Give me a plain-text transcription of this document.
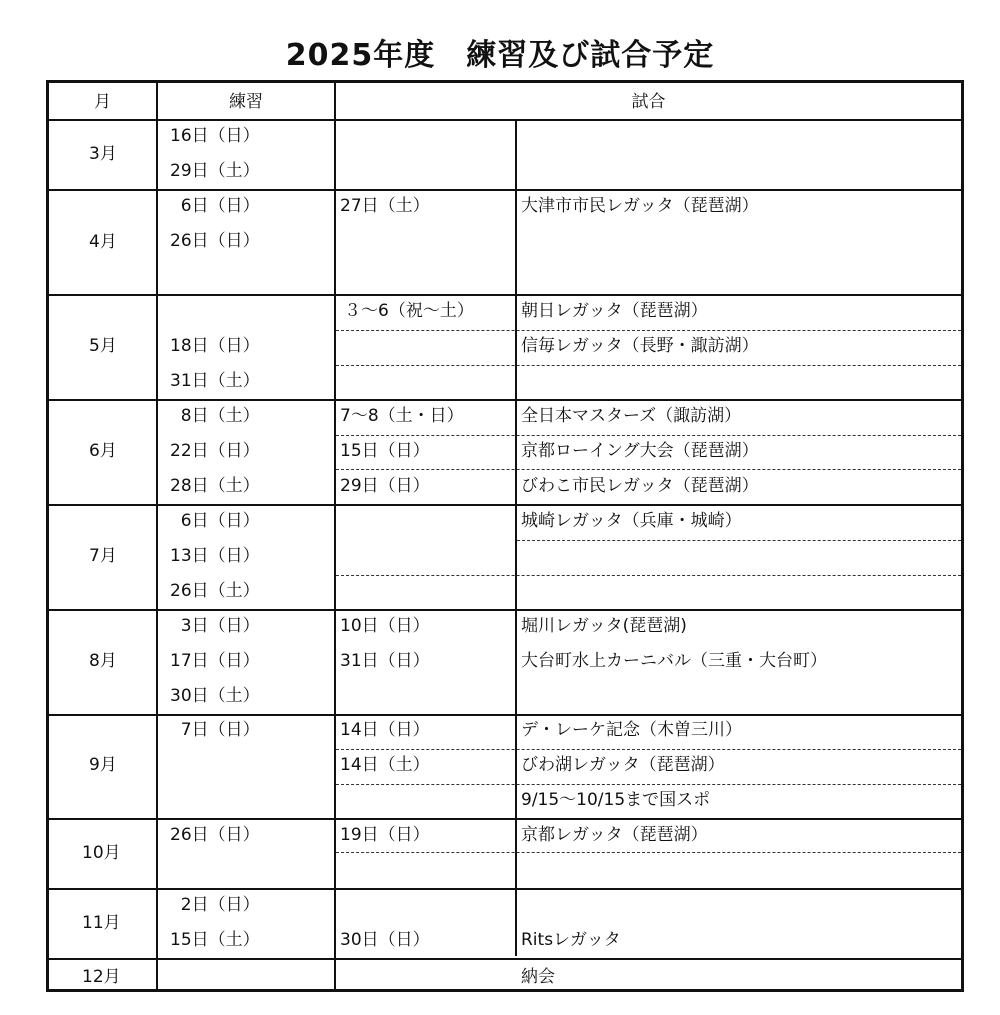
2025年度　練習及び試合予定
月	練習	試合
3月
4月
5月
6月
7月
8月
9月
10月
11月
12月
16日（日）
29日（土）
6日（日）
26日（日）
18日（日）
31日（土）
8日（土）
22日（日）
28日（土）
6日（日）
13日（日）
26日（土）
3日（日）
17日（日）
30日（土）
7日（日）
26日（日）
2日（日）
15日（土）
27日（土）
３～6（祝～土）
7～8（土・日）
15日（日）
29日（日）
10日（日）
31日（日）
14日（日）
14日（土）
19日（日）
30日（日）
大津市市民レガッタ（琵琶湖）
朝日レガッタ（琵琶湖）
信毎レガッタ（長野・諏訪湖）
全日本マスターズ（諏訪湖）
京都ローイング大会（琵琶湖）
びわこ市民レガッタ（琵琶湖）
城崎レガッタ（兵庫・城崎）
堀川レガッタ(琵琶湖)
大台町水上カーニバル（三重・大台町）
デ・レーケ記念（木曽三川）
びわ湖レガッタ（琵琶湖）
9/15～10/15まで国スポ
京都レガッタ（琵琶湖）
Ritsレガッタ
納会
